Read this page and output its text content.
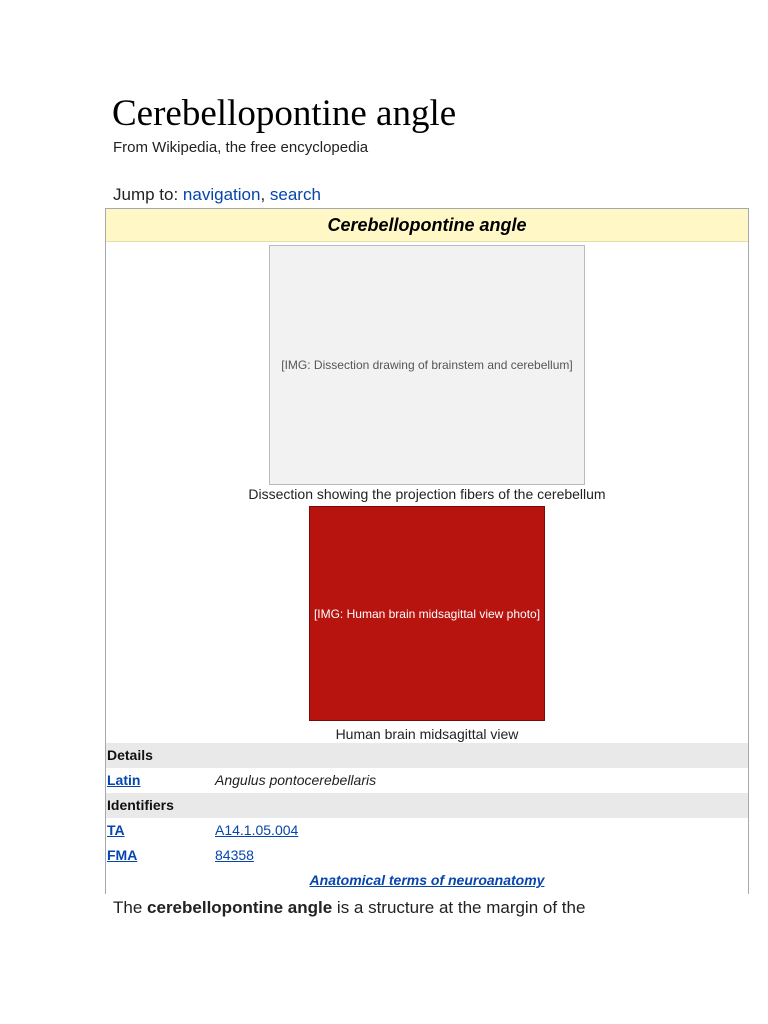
Cerebellopontine angle
From Wikipedia, the free encyclopedia
Jump to: navigation, search
Cerebellopontine angle
[IMG: Dissection drawing of brainstem and cerebellum]
Dissection showing the projection fibers of the cerebellum
[IMG: Human brain midsagittal view photo]
Human brain midsagittal view
Details
Latin	Angulus pontocerebellaris
Identifiers
TA	A14.1.05.004
FMA	84358
Anatomical terms of neuroanatomy
The cerebellopontine angle is a structure at the margin of the
